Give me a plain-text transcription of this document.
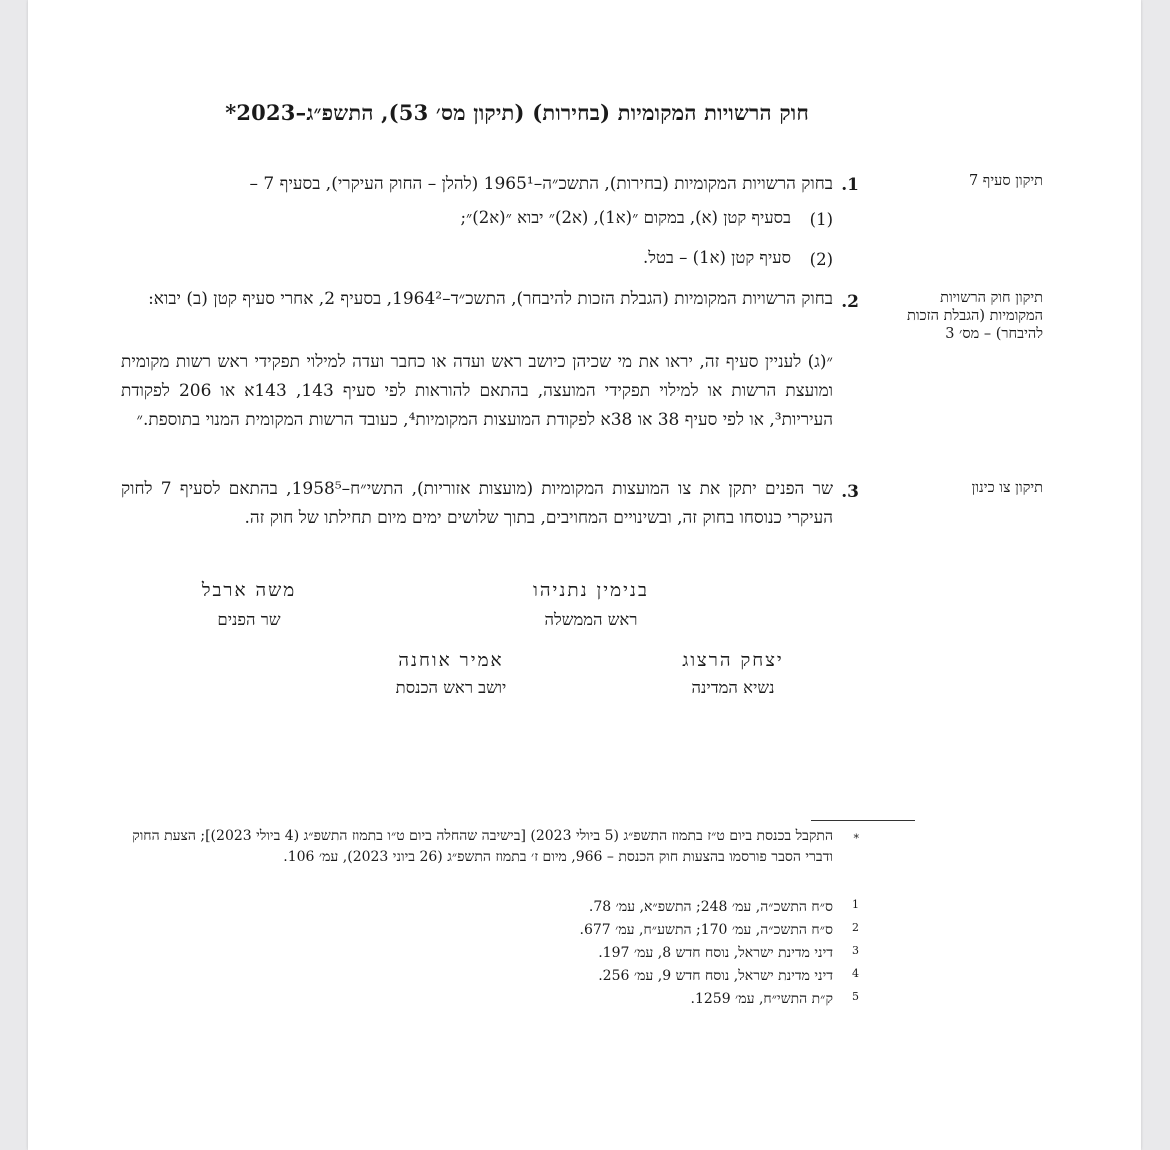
חוק הרשויות המקומיות (בחירות) (תיקון מס׳ 53), התשפ״ג–2023*
תיקון סעיף 7
1.
בחוק הרשויות המקומיות (בחירות), התשכ״ה–1965¹ (להלן – החוק העיקרי), בסעיף 7 –
(1)
בסעיף קטן (א), במקום ״(א1), (א2)״ יבוא ״(א2)״;
(2)
סעיף קטן (א1) – בטל.
תיקון חוק הרשויות המקומיות (הגבלת הזכות להיבחר) – מס׳ 3
2.
בחוק הרשויות המקומיות (הגבלת הזכות להיבחר), התשכ״ד–1964², בסעיף 2, אחרי סעיף קטן (ב) יבוא:
״(ג) לעניין סעיף זה, יראו את מי שכיהן כיושב ראש ועדה או כחבר ועדה למילוי תפקידי ראש רשות מקומית ומועצת הרשות או למילוי תפקידי המועצה, בהתאם להוראות לפי סעיף 143, 143א או 206 לפקודת העיריות³, או לפי סעיף 38 או 38א לפקודת המועצות המקומיות⁴, כעובד הרשות המקומית המנוי בתוספת.״
תיקון צו כינון
3.
שר הפנים יתקן את צו המועצות המקומיות (מועצות אזוריות), התשי״ח–1958⁵, בהתאם לסעיף 7 לחוק העיקרי כנוסחו בחוק זה, ובשינויים המחויבים, בתוך שלושים ימים מיום תחילתו של חוק זה.
בנימין נתניהו
ראש הממשלה
משה ארבל
שר הפנים
יצחק הרצוג
נשיא המדינה
אמיר אוחנה
יושב ראש הכנסת
*
התקבל בכנסת ביום ט״ז בתמוז התשפ״ג (5 ביולי 2023) [בישיבה שהחלה ביום ט״ו בתמוז התשפ״ג (4 ביולי 2023)]; הצעת החוק ודברי הסבר פורסמו בהצעות חוק הכנסת – 966, מיום ז׳ בתמוז התשפ״ג (26 ביוני 2023), עמ׳ 106.
1
ס״ח התשכ״ה, עמ׳ 248; התשפ״א, עמ׳ 78.
2
ס״ח התשכ״ה, עמ׳ 170; התשע״ח, עמ׳ 677.
3
דיני מדינת ישראל, נוסח חדש 8, עמ׳ 197.
4
דיני מדינת ישראל, נוסח חדש 9, עמ׳ 256.
5
ק״ת התשי״ח, עמ׳ 1259.
